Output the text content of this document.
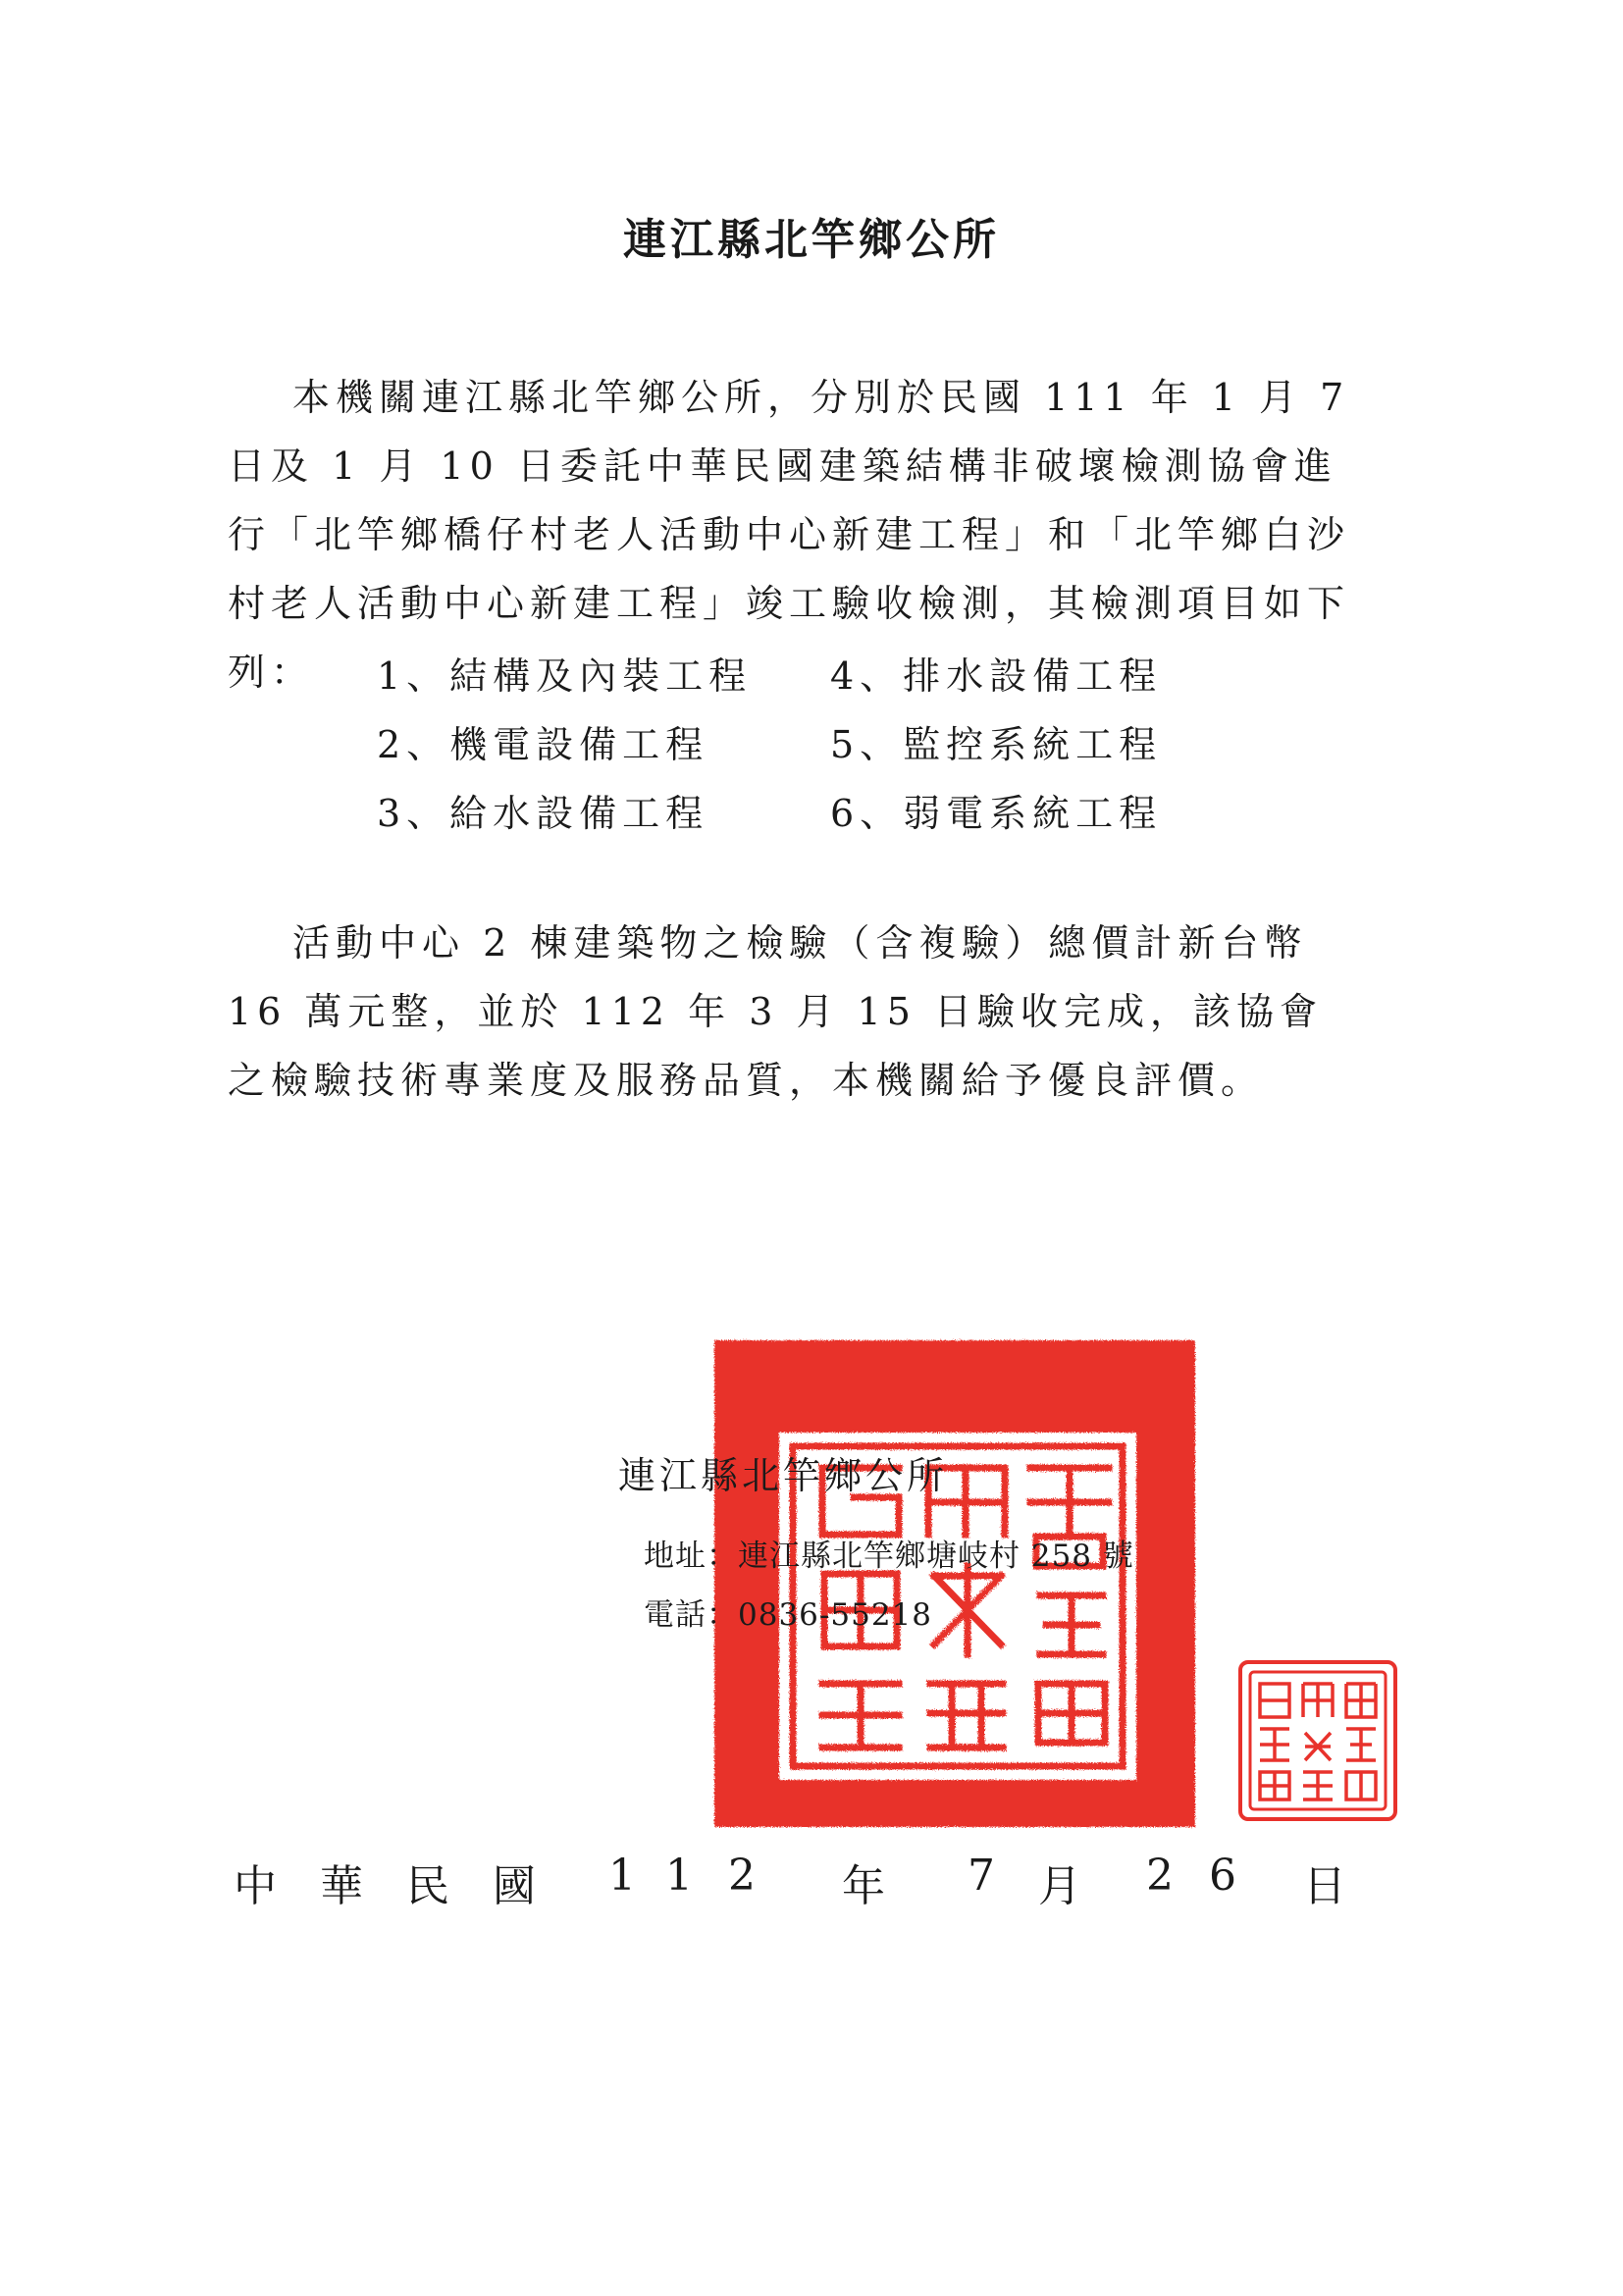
連江縣北竿鄉公所

本機關連江縣北竿鄉公所，分別於民國 111 年 1 月 7 日及 1 月 10 日委託中華民國建築結構非破壞檢測協會進行「北竿鄉橋仔村老人活動中心新建工程」和「北竿鄉白沙村老人活動中心新建工程」竣工驗收檢測，其檢測項目如下列：	1、結構及內裝工程	4、排水設備工程
2、機電設備工程	5、監控系統工程
3、給水設備工程	6、弱電系統工程

活動中心 2 棟建築物之檢驗（含複驗）總價計新台幣 16 萬元整，並於 112 年 3 月 15 日驗收完成，該協會之檢驗技術專業度及服務品質，本機關給予優良評價。

連江縣北竿鄉公所

地址：連江縣北竿鄉塘岐村 258 號
電話：0836-55218
中 華 民 國 1 1 2 年 7 月 2 6 日
